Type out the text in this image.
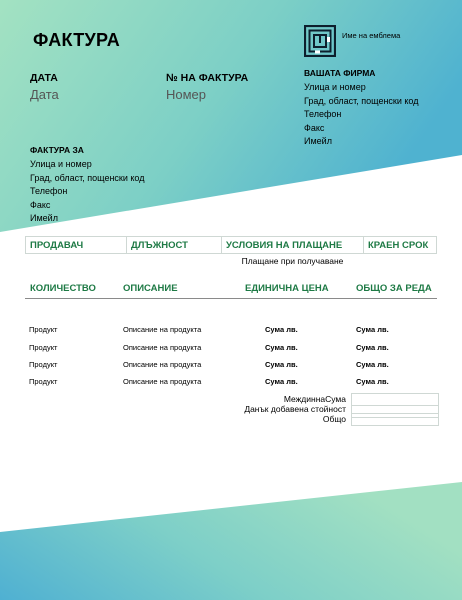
ФАКТУРА	Име на емблема
ДАТА
Дата
№ НА ФАКТУРА
Номер
ВАШАТА ФИРМА
Улица и номер
Град, област, пощенски код
Телефон
Факс
Имейл
ФАКТУРА ЗА
Улица и номер
Град, област, пощенски код
Телефон
Факс
Имейл
ПРОДАВАЧ	ДЛЪЖНОСТ	УСЛОВИЯ НА ПЛАЩАНЕ	КРАЕН СРОК
		Плащане при получаване	
КОЛИЧЕСТВО	ОПИСАНИЕ	ЕДИНИЧНА ЦЕНА	ОБЩО ЗА РЕДА
Продукт	Описание на продукта	Сума лв.	Сума лв.
Продукт	Описание на продукта	Сума лв.	Сума лв.
Продукт	Описание на продукта	Сума лв.	Сума лв.
Продукт	Описание на продукта	Сума лв.	Сума лв.
МеждиннаСума
Данък добавена стойност
Общо
